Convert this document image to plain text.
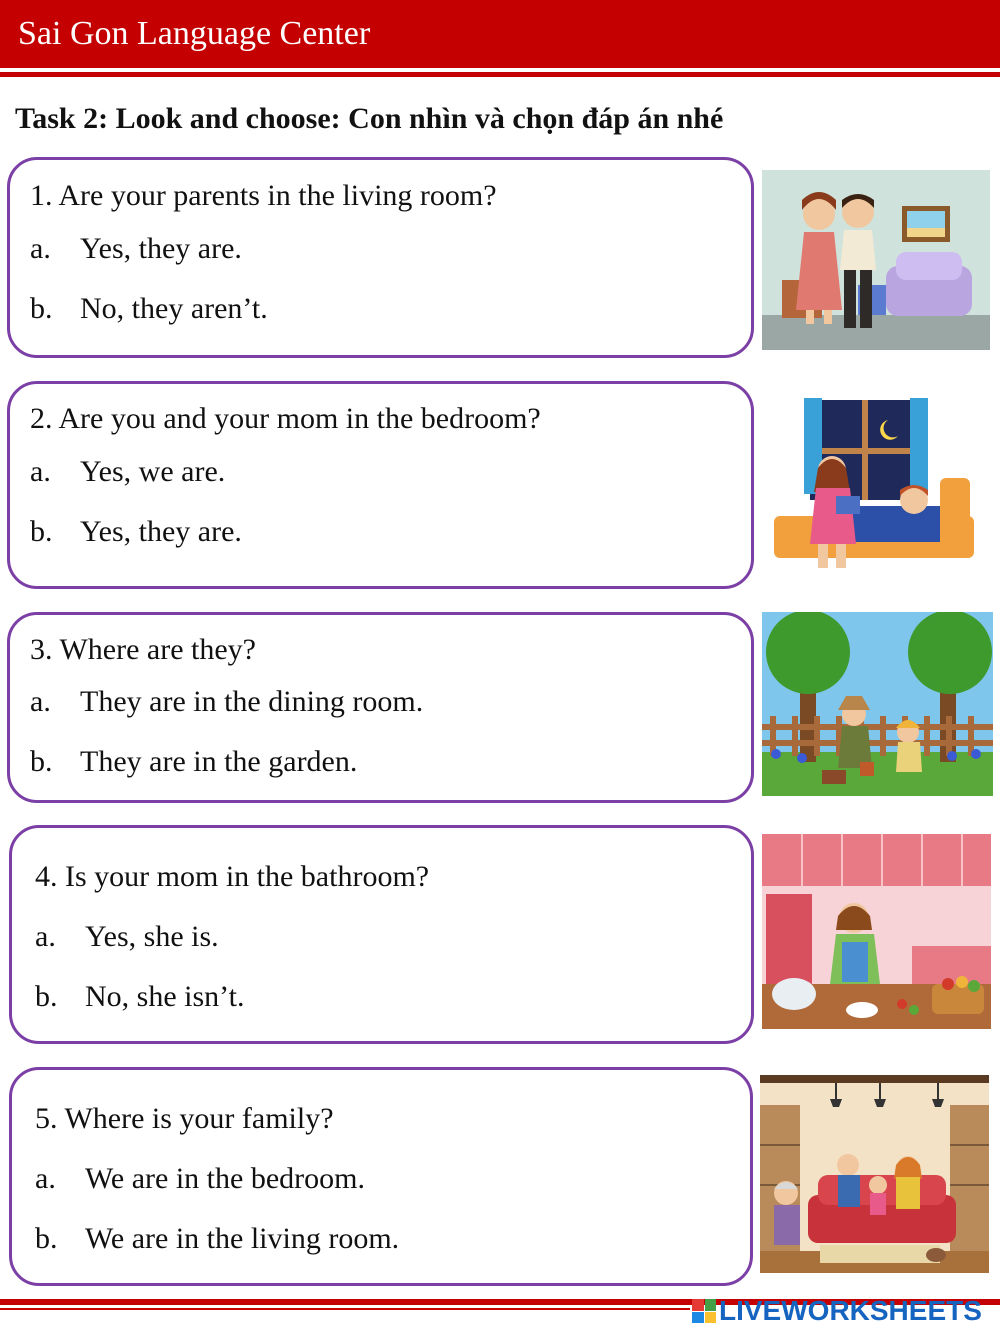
Sai Gon Language Center
Task 2: Look and choose: Con nhìn và chọn đáp án nhé
1. Are your parents in the living room?
a. Yes, they are.
b. No, they aren’t.
2. Are you and your mom in the bedroom?
a. Yes, we are.
b. Yes, they are.
3. Where are they?
a. They are in the dining room.
b. They are in the garden.
4. Is your mom in the bathroom?
a. Yes, she is.
b. No, she isn’t.
5. Where is your family?
a. We are in the bedroom.
b. We are in the living room.
LIVEWORKSHEETS
